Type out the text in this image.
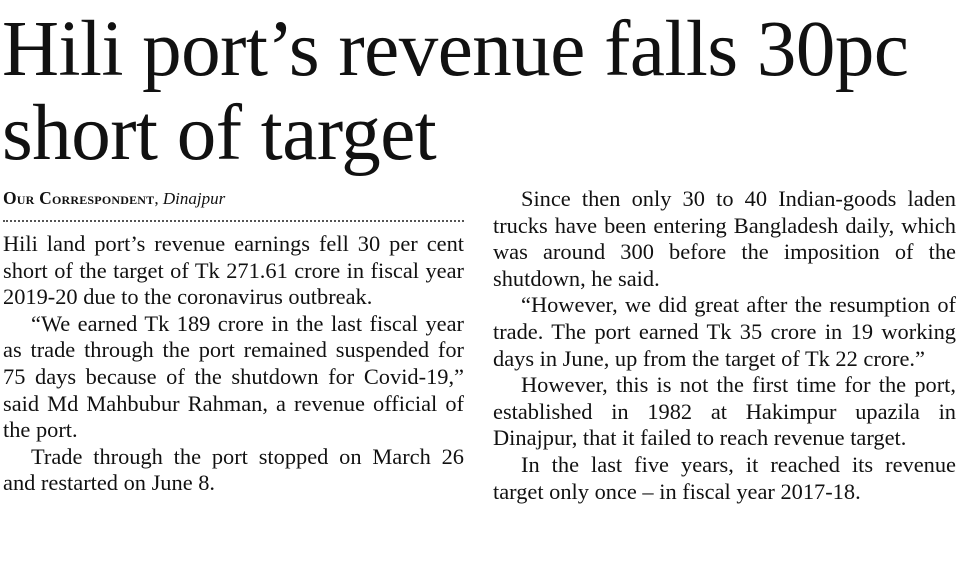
Hili port’s revenue falls 30pc short of target
Our Correspondent, Dinajpur

Hili land port’s revenue earnings fell 30 per cent short of the target of Tk 271.61 crore in fiscal year 2019-20 due to the coronavirus outbreak.

“We earned Tk 189 crore in the last fiscal year as trade through the port remained suspended for 75 days because of the shutdown for Covid-19,” said Md Mahbubur Rahman, a revenue official of the port.

Trade through the port stopped on March 26 and restarted on June 8.

Since then only 30 to 40 Indian-goods laden trucks have been entering Bangladesh daily, which was around 300 before the imposition of the shutdown, he said.

“However, we did great after the resumption of trade. The port earned Tk 35 crore in 19 working days in June, up from the target of Tk 22 crore.”

However, this is not the first time for the port, established in 1982 at Hakimpur upazila in Dinajpur, that it failed to reach revenue target.

In the last five years, it reached its revenue target only once – in fiscal year 2017-18.
